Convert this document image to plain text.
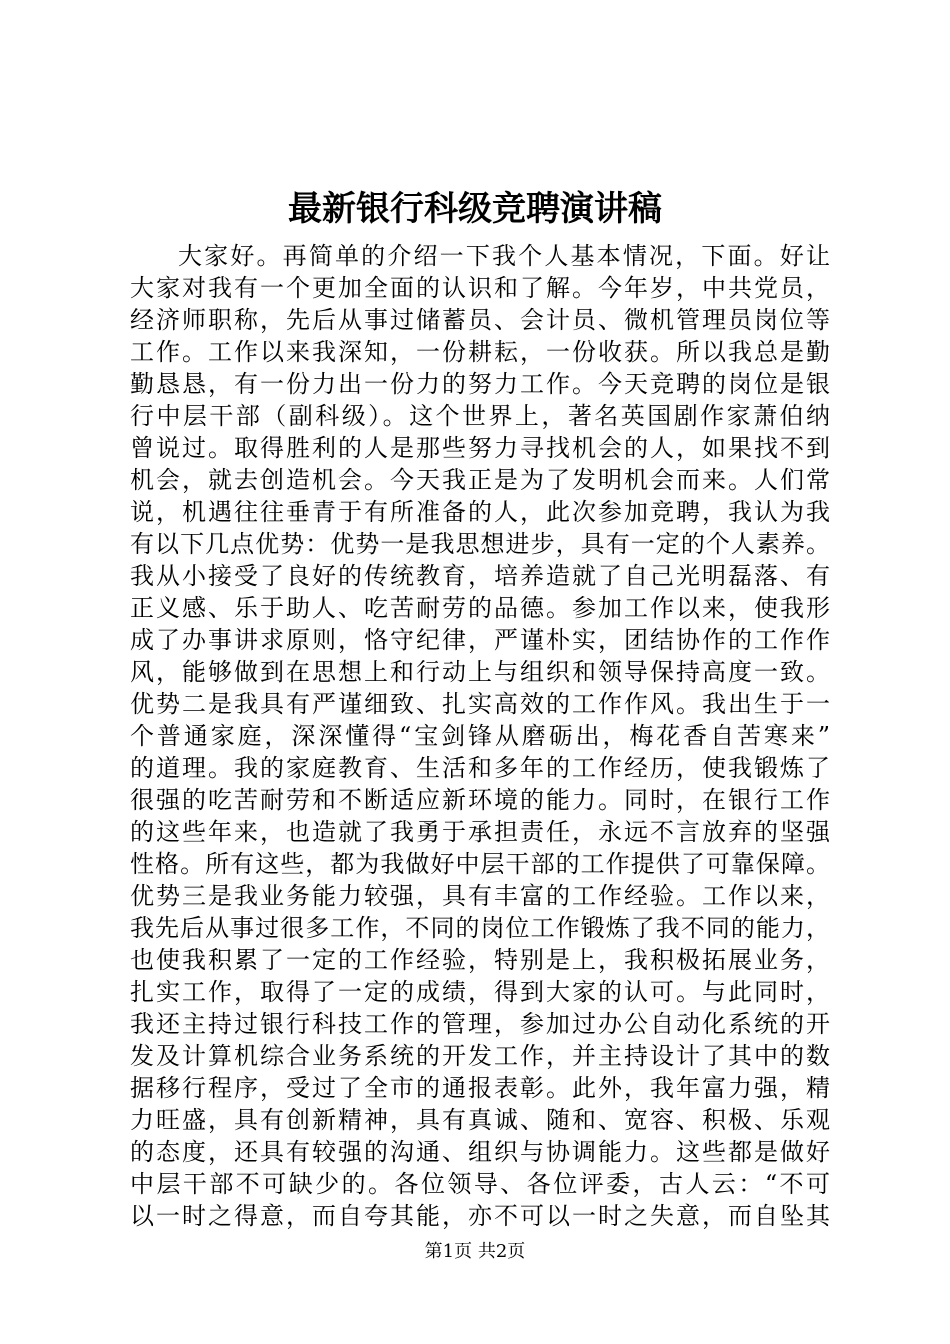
最新银行科级竞聘演讲稿
大家好。再简单的介绍一下我个人基本情况，下面。好让
大家对我有一个更加全面的认识和了解。今年岁，中共党员，
经济师职称，先后从事过储蓄员、会计员、微机管理员岗位等
工作。工作以来我深知，一份耕耘，一份收获。所以我总是勤
勤恳恳，有一份力出一份力的努力工作。今天竞聘的岗位是银
行中层干部（副科级）。这个世界上，著名英国剧作家萧伯纳
曾说过。取得胜利的人是那些努力寻找机会的人，如果找不到
机会，就去创造机会。今天我正是为了发明机会而来。人们常
说，机遇往往垂青于有所准备的人，此次参加竞聘，我认为我
有以下几点优势：优势一是我思想进步，具有一定的个人素养。
我从小接受了良好的传统教育，培养造就了自己光明磊落、有
正义感、乐于助人、吃苦耐劳的品德。参加工作以来，使我形
成了办事讲求原则，恪守纪律，严谨朴实，团结协作的工作作
风，能够做到在思想上和行动上与组织和领导保持高度一致。
优势二是我具有严谨细致、扎实高效的工作作风。我出生于一
个普通家庭，深深懂得“宝剑锋从磨砺出，梅花香自苦寒来”
的道理。我的家庭教育、生活和多年的工作经历，使我锻炼了
很强的吃苦耐劳和不断适应新环境的能力。同时，在银行工作
的这些年来，也造就了我勇于承担责任，永远不言放弃的坚强
性格。所有这些，都为我做好中层干部的工作提供了可靠保障。
优势三是我业务能力较强，具有丰富的工作经验。工作以来，
我先后从事过很多工作，不同的岗位工作锻炼了我不同的能力，
也使我积累了一定的工作经验，特别是上，我积极拓展业务，
扎实工作，取得了一定的成绩，得到大家的认可。与此同时，
我还主持过银行科技工作的管理，参加过办公自动化系统的开
发及计算机综合业务系统的开发工作，并主持设计了其中的数
据移行程序，受过了全市的通报表彰。此外，我年富力强，精
力旺盛，具有创新精神，具有真诚、随和、宽容、积极、乐观
的态度，还具有较强的沟通、组织与协调能力。这些都是做好
中层干部不可缺少的。各位领导、各位评委，古人云：“不可
以一时之得意，而自夸其能，亦不可以一时之失意，而自坠其
第1页 共2页
